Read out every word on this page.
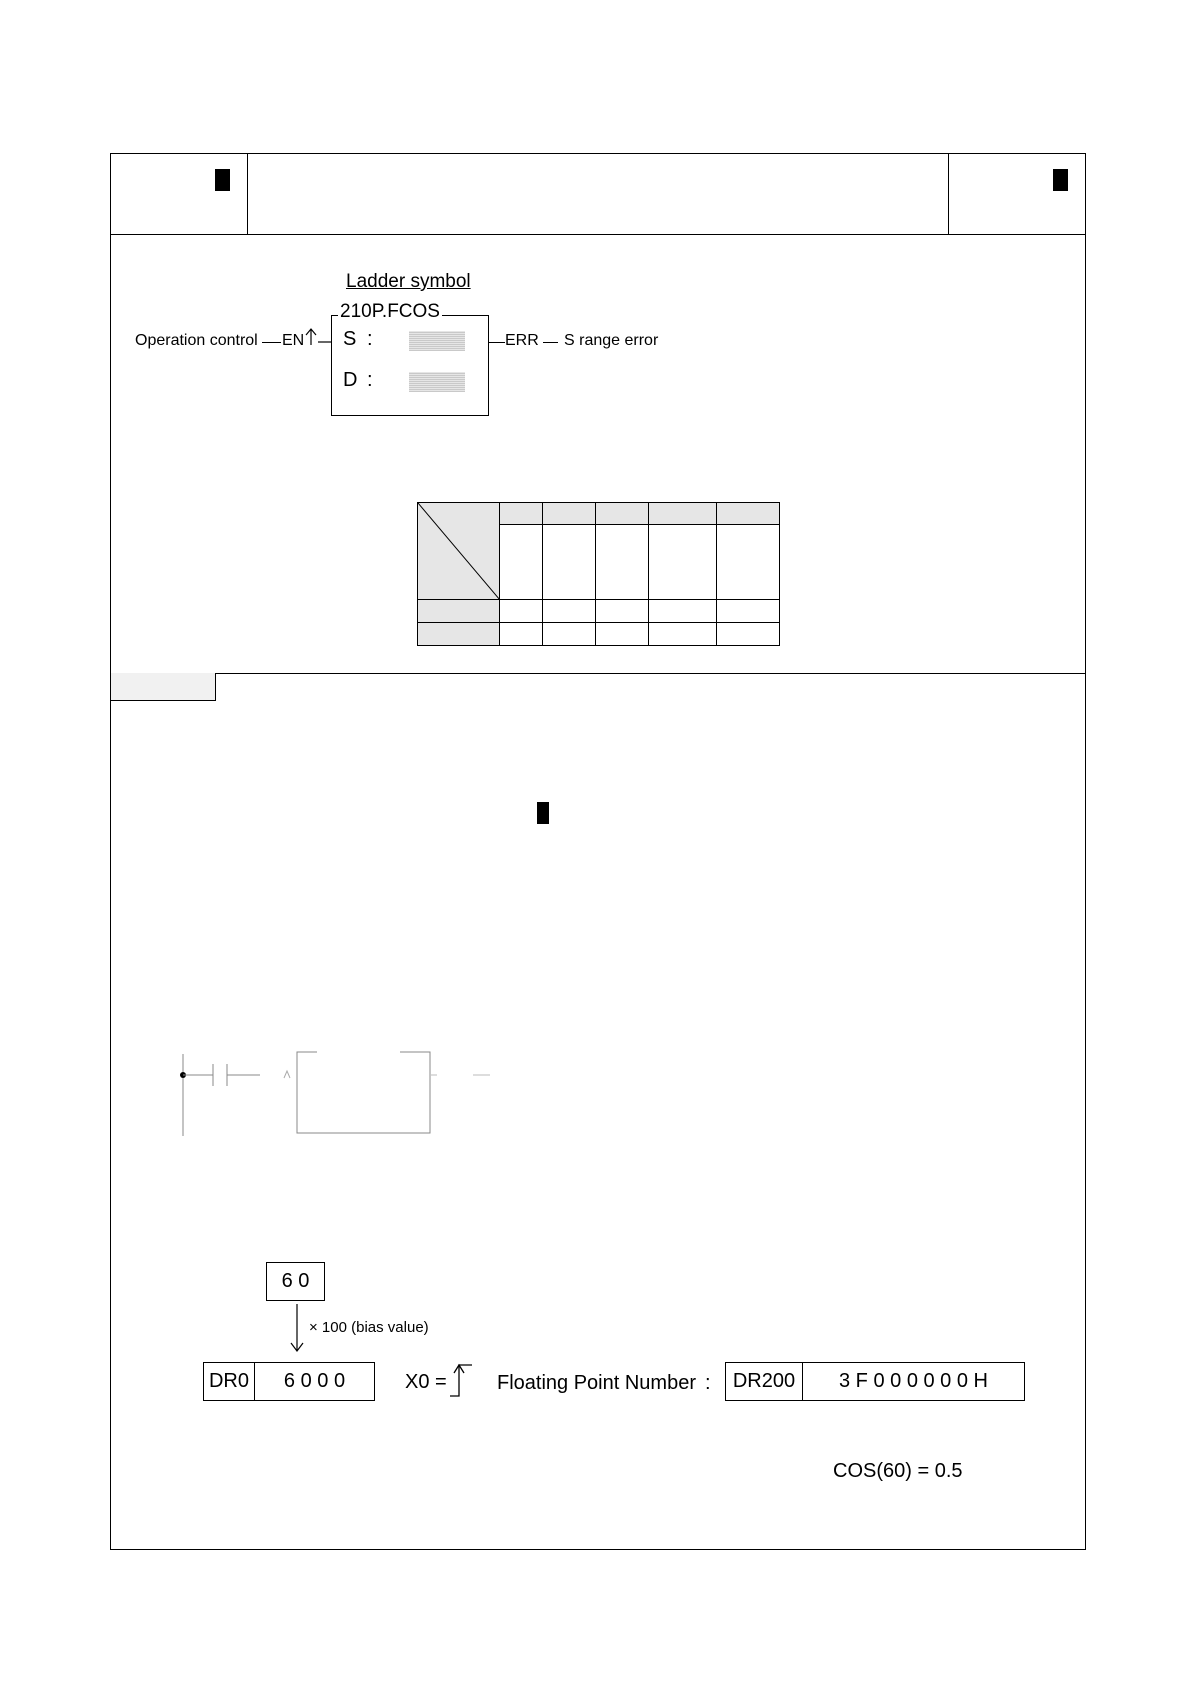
Ladder symbol
210P.FCOS
Operation control EN S :
D :
ERR S range error

6 0
× 100 (bias value)
DR0	6 0 0 0	X0 =	Floating Point Number :	DR200	3 F 0 0 0 0 0 0 H
COS(60) = 0.5
